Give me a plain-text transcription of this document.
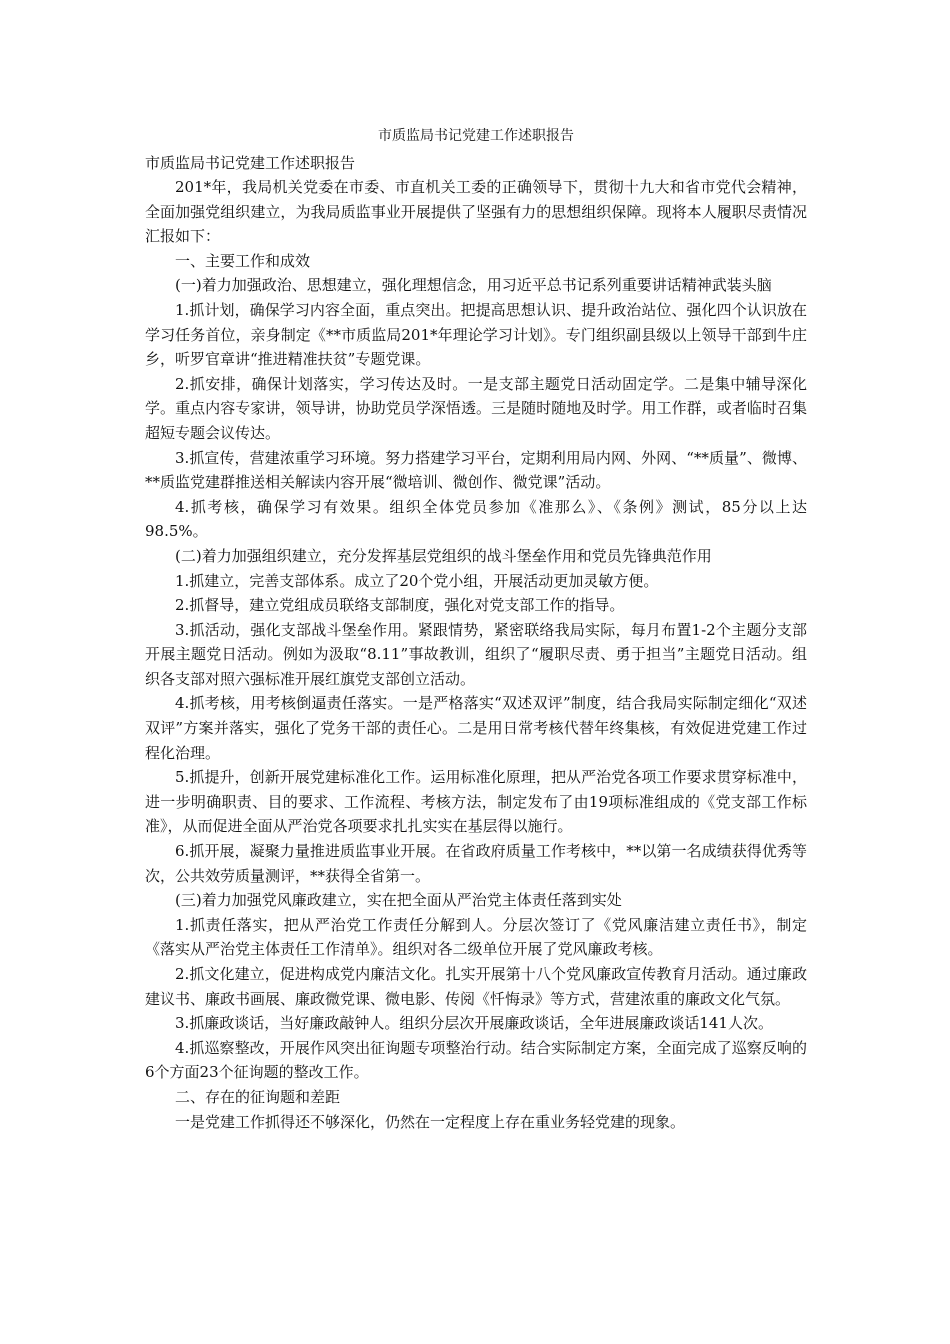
市质监局书记党建工作述职报告
市质监局书记党建工作述职报告

201*年，我局机关党委在市委、市直机关工委的正确领导下，贯彻十九大和省市党代会精神，全面加强党组织建立，为我局质监事业开展提供了坚强有力的思想组织保障。现将本人履职尽责情况汇报如下：

一、主要工作和成效

(一)着力加强政治、思想建立，强化理想信念，用习近平总书记系列重要讲话精神武装头脑

1.抓计划，确保学习内容全面，重点突出。把提高思想认识、提升政治站位、强化四个认识放在学习任务首位，亲身制定《**市质监局201*年理论学习计划》。专门组织副县级以上领导干部到牛庄乡，听罗官章讲“推进精准扶贫”专题党课。

2.抓安排，确保计划落实，学习传达及时。一是支部主题党日活动固定学。二是集中辅导深化学。重点内容专家讲，领导讲，协助党员学深悟透。三是随时随地及时学。用工作群，或者临时召集超短专题会议传达。

3.抓宣传，营建浓重学习环境。努力搭建学习平台，定期利用局内网、外网、“**质量”、微博、**质监党建群推送相关解读内容开展“微培训、微创作、微党课”活动。

4.抓考核，确保学习有效果。组织全体党员参加《准那么》、《条例》测试，85分以上达98.5%。

(二)着力加强组织建立，充分发挥基层党组织的战斗堡垒作用和党员先锋典范作用

1.抓建立，完善支部体系。成立了20个党小组，开展活动更加灵敏方便。

2.抓督导，建立党组成员联络支部制度，强化对党支部工作的指导。

3.抓活动，强化支部战斗堡垒作用。紧跟情势，紧密联络我局实际，每月布置1-2个主题分支部开展主题党日活动。例如为汲取“8.11”事故教训，组织了“履职尽责、勇于担当”主题党日活动。组织各支部对照六强标准开展红旗党支部创立活动。

4.抓考核，用考核倒逼责任落实。一是严格落实“双述双评”制度，结合我局实际制定细化“双述双评”方案并落实，强化了党务干部的责任心。二是用日常考核代替年终集核，有效促进党建工作过程化治理。

5.抓提升，创新开展党建标准化工作。运用标准化原理，把从严治党各项工作要求贯穿标准中，进一步明确职责、目的要求、工作流程、考核方法，制定发布了由19项标准组成的《党支部工作标准》，从而促进全面从严治党各项要求扎扎实实在基层得以施行。

6.抓开展，凝聚力量推进质监事业开展。在省政府质量工作考核中，**以第一名成绩获得优秀等次，公共效劳质量测评，**获得全省第一。

(三)着力加强党风廉政建立，实在把全面从严治党主体责任落到实处

1.抓责任落实，把从严治党工作责任分解到人。分层次签订了《党风廉洁建立责任书》，制定《落实从严治党主体责任工作清单》。组织对各二级单位开展了党风廉政考核。

2.抓文化建立，促进构成党内廉洁文化。扎实开展第十八个党风廉政宣传教育月活动。通过廉政建议书、廉政书画展、廉政微党课、微电影、传阅《忏悔录》等方式，营建浓重的廉政文化气氛。

3.抓廉政谈话，当好廉政敲钟人。组织分层次开展廉政谈话，全年进展廉政谈话141人次。

4.抓巡察整改，开展作风突出征询题专项整治行动。结合实际制定方案，全面完成了巡察反响的6个方面23个征询题的整改工作。

二、存在的征询题和差距

一是党建工作抓得还不够深化，仍然在一定程度上存在重业务轻党建的现象。
